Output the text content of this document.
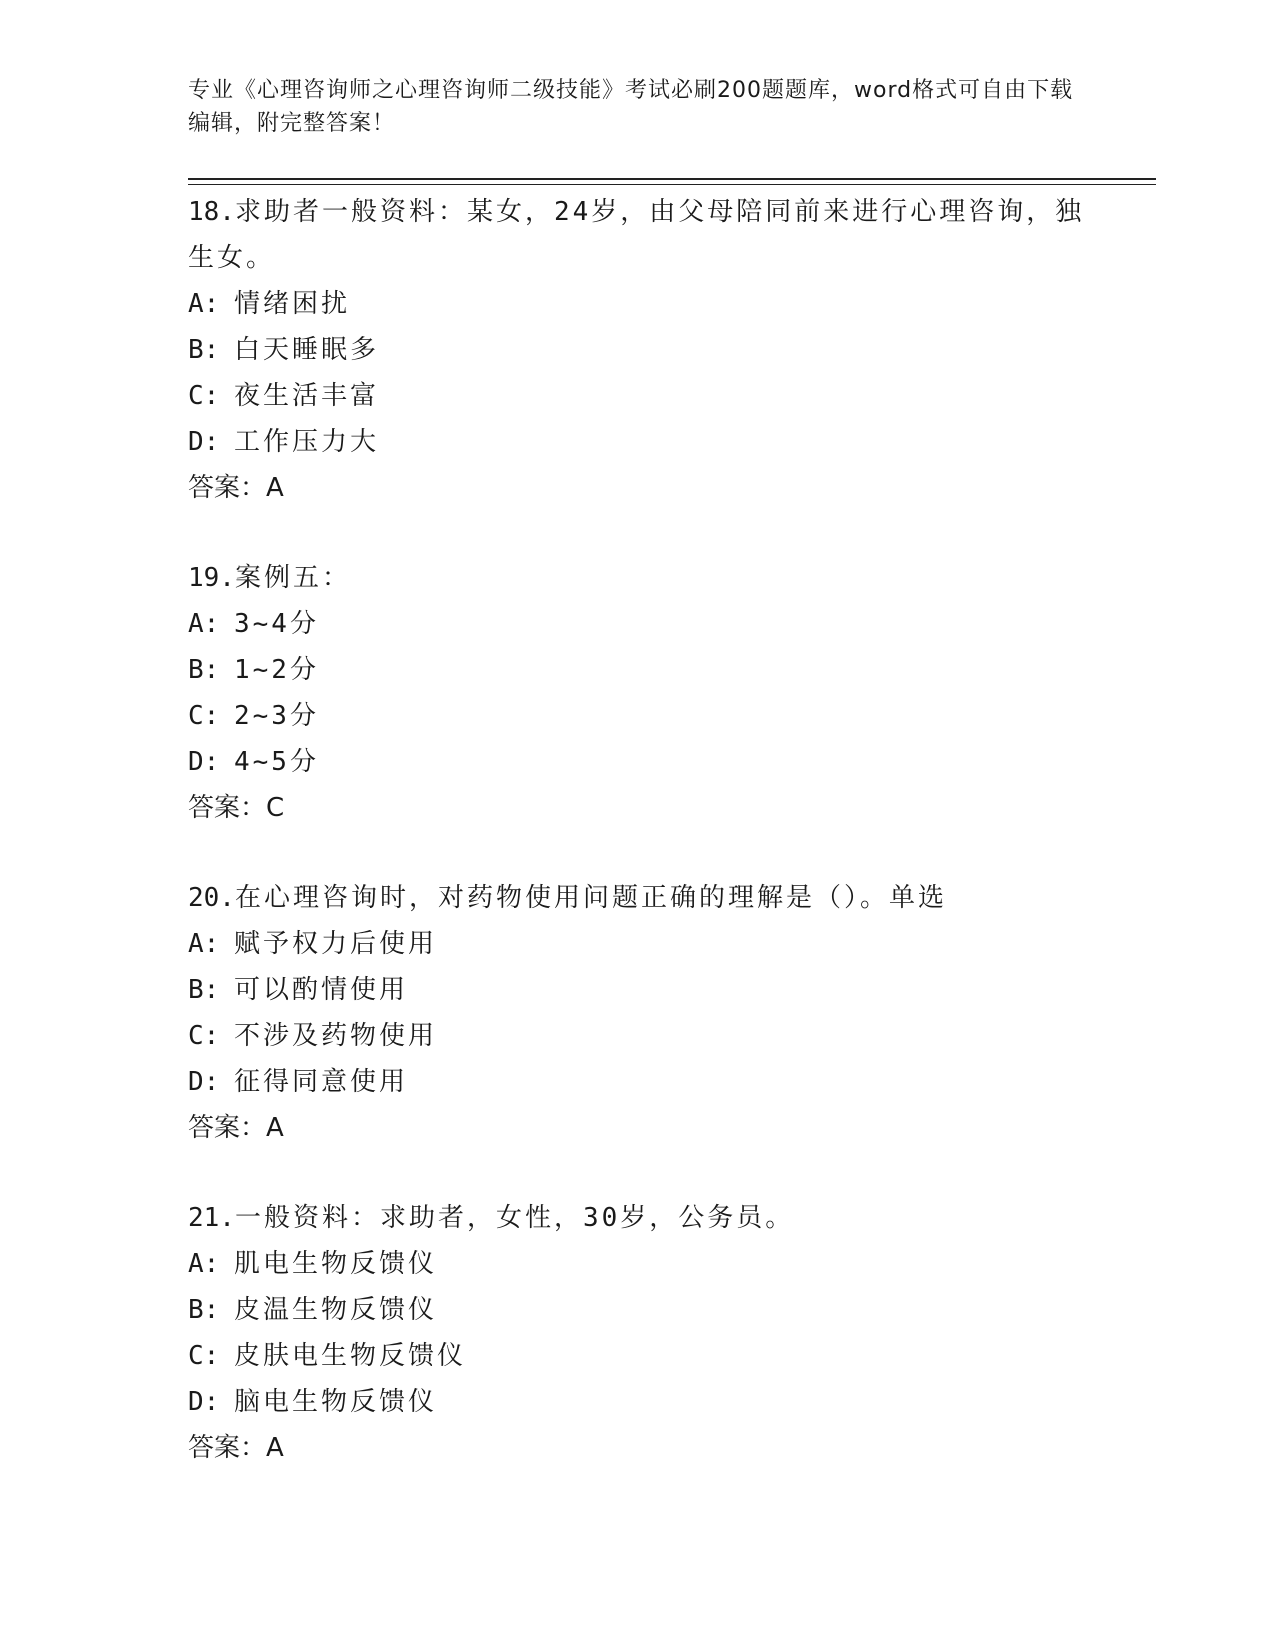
专业《心理咨询师之心理咨询师二级技能》考试必刷200题题库，word格式可自由下载编辑，附完整答案！

18.求助者一般资料：某女，24岁，由父母陪同前来进行心理咨询，独生女。

A: 情绪困扰
B: 白天睡眠多
C: 夜生活丰富
D: 工作压力大
答案：A

19.案例五：

A: 3~4分
B: 1~2分
C: 2~3分
D: 4~5分
答案：C

20.在心理咨询时，对药物使用问题正确的理解是（）。单选

A: 赋予权力后使用
B: 可以酌情使用
C: 不涉及药物使用
D: 征得同意使用
答案：A

21.一般资料：求助者，女性，30岁，公务员。

A: 肌电生物反馈仪
B: 皮温生物反馈仪
C: 皮肤电生物反馈仪
D: 脑电生物反馈仪
答案：A
